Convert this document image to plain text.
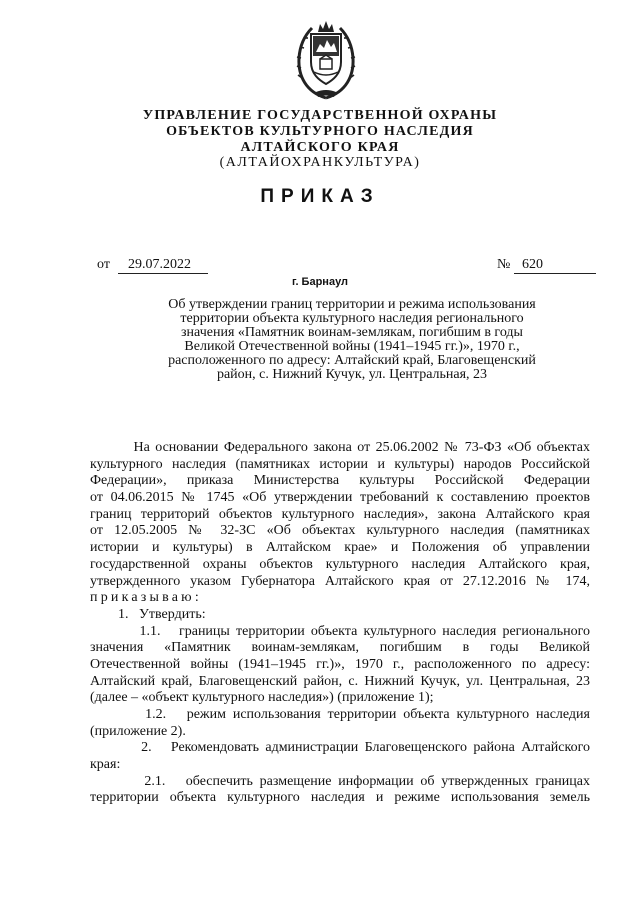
УПРАВЛЕНИЕ ГОСУДАРСТВЕННОЙ ОХРАНЫ
ОБЪЕКТОВ КУЛЬТУРНОГО НАСЛЕДИЯ
АЛТАЙСКОГО КРАЯ
(АЛТАЙОХРАНКУЛЬТУРА)
ПРИКАЗ
от	29.07.2022	№ 620
г. Барнаул
Об утверждении границ территории и режима использования
территории объекта культурного наследия регионального
значения «Памятник воинам-землякам, погибшим в годы
Великой Отечественной войны (1941–1945 гг.)», 1970 г.,
расположенного по адресу: Алтайский край, Благовещенский
район, с. Нижний Кучук, ул. Центральная, 23
На основании Федерального закона от 25.06.2002 № 73-ФЗ «Об объектах
культурного наследия (памятниках истории и культуры) народов Российской
Федерации», приказа Министерства культуры Российской Федерации
от 04.06.2015 № 1745 «Об утверждении требований к составлению проектов
границ территорий объектов культурного наследия», закона Алтайского края
от 12.05.2005 № 32-ЗС «Об объектах культурного наследия (памятниках
истории и культуры) в Алтайском крае» и Положения об управлении
государственной охраны объектов культурного наследия Алтайского края,
утвержденного указом Губернатора Алтайского края от 27.12.2016 № 174,
приказываю:
1.   Утвердить:
1.1.   границы территории объекта культурного наследия регионального
значения «Памятник воинам-землякам, погибшим в годы Великой
Отечественной войны (1941–1945 гг.)», 1970 г., расположенного по адресу:
Алтайский край, Благовещенский район, с. Нижний Кучук, ул. Центральная, 23
(далее – «объект культурного наследия») (приложение 1);
1.2.   режим использования территории объекта культурного наследия
(приложение 2).
2.   Рекомендовать администрации Благовещенского района Алтайского
края:
2.1.   обеспечить размещение информации об утвержденных границах
территории объекта культурного наследия и режиме использования земель
